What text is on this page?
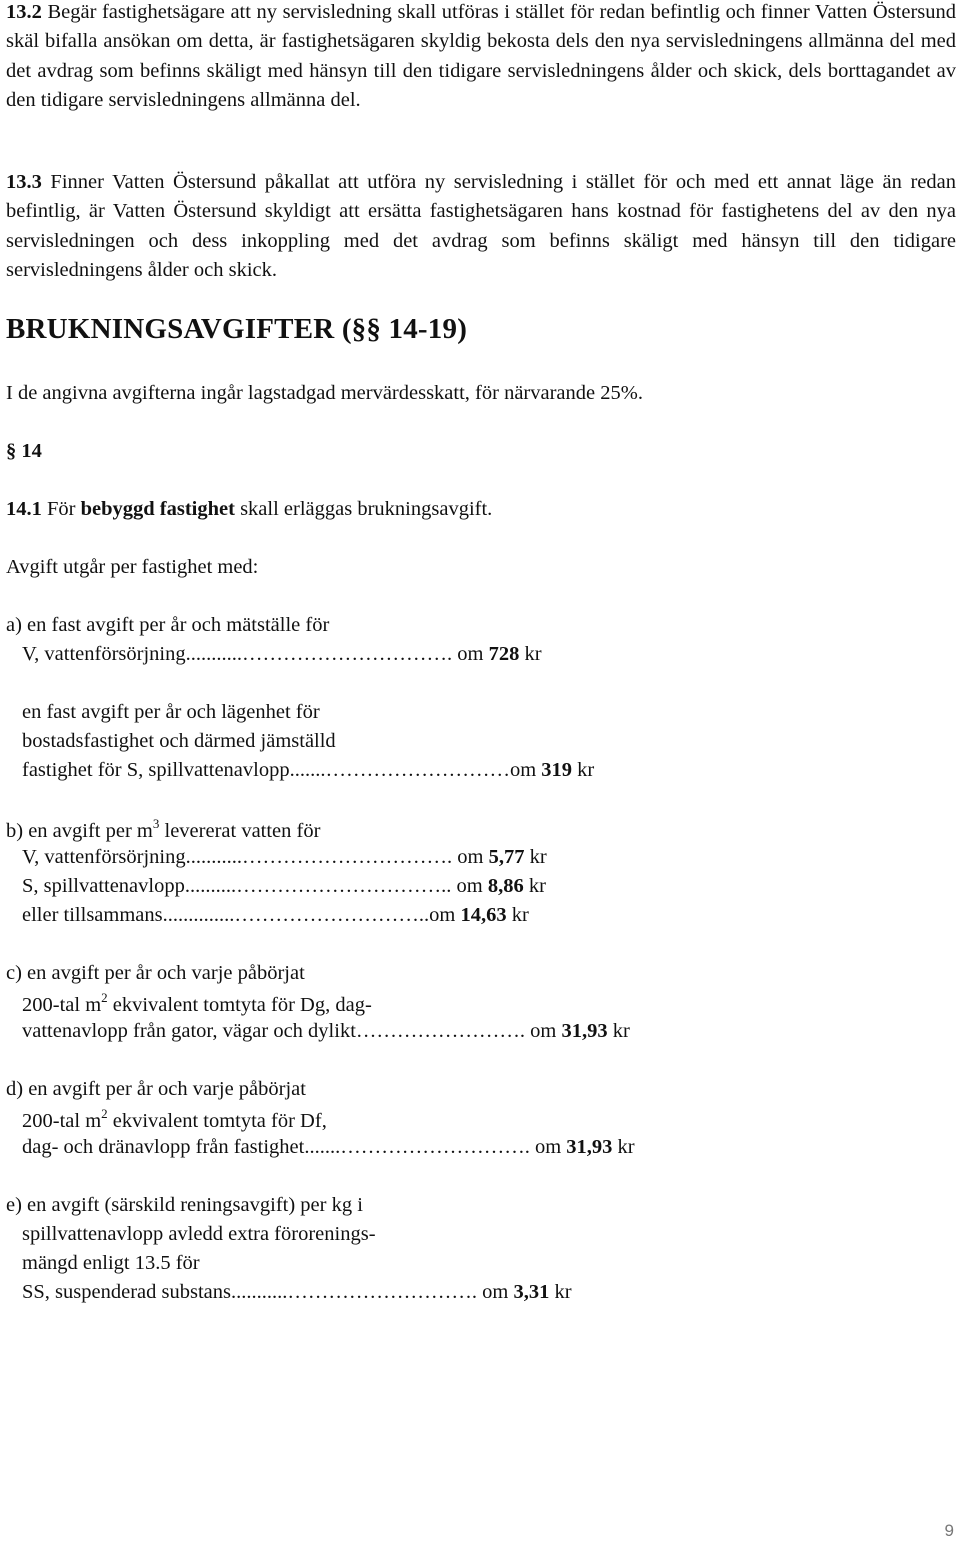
13.2 Begär fastighetsägare att ny servisledning skall utföras i stället för redan befintlig och finner Vatten Östersund skäl bifalla ansökan om detta, är fastighetsägaren skyldig bekosta dels den nya servisledningens allmänna del med det avdrag som befinns skäligt med hänsyn till den tidigare servisledningens ålder och skick, dels borttagandet av den tidigare servisledningens allmänna del.

13.3 Finner Vatten Östersund påkallat att utföra ny servisledning i stället för och med ett annat läge än redan befintlig, är Vatten Östersund skyldigt att ersätta fastighetsägaren hans kostnad för fastighetens del av den nya servisledningen och dess inkoppling med det avdrag som befinns skäligt med hänsyn till den tidigare servisledningens ålder och skick.

BRUKNINGSAVGIFTER (§§ 14-19)
I de angivna avgifterna ingår lagstadgad mervärdesskatt, för närvarande 25%.
§ 14
14.1 För bebyggd fastighet skall erläggas brukningsavgift.
Avgift utgår per fastighet med:
a) en fast avgift per år och mätställe för
V, vattenförsörjning...........…………………………. om 728 kr
en fast avgift per år och lägenhet för
bostadsfastighet och därmed jämställd
fastighet för S, spillvattenavlopp.......………………………om 319 kr
b) en avgift per $m^3$ levererat vatten för
V, vattenförsörjning...........…………………………. om 5,77 kr
S, spillvattenavlopp..........………………………….. om 8,86 kr
eller tillsammans..............………………………..om 14,63 kr
c) en avgift per år och varje påbörjat
200-tal $m^2$ ekvivalent tomtyta för Dg, dag-
vattenavlopp från gator, vägar och dylikt……………………. om 31,93 kr
d) en avgift per år och varje påbörjat
200-tal $m^2$ ekvivalent tomtyta för Df,
dag- och dränavlopp från fastighet.......………………………. om 31,93 kr
e) en avgift (särskild reningsavgift) per kg i
spillvattenavlopp avledd extra förorenings-
mängd enligt 13.5 för
SS, suspenderad substans...........………………………. om 3,31 kr
9
